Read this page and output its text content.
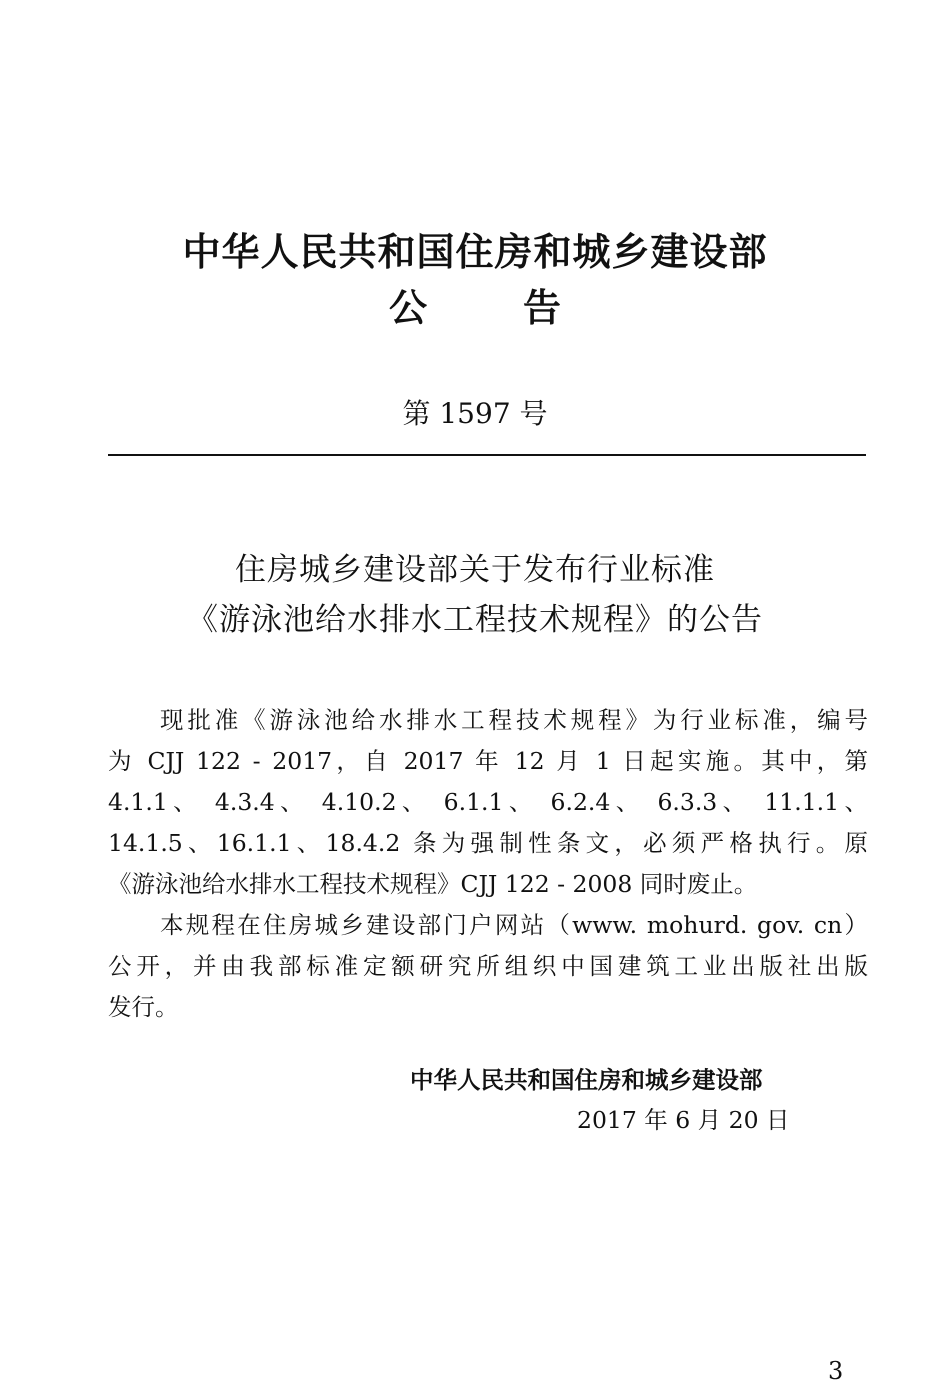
中华人民共和国住房和城乡建设部
公告
第 1597 号
住房城乡建设部关于发布行业标准
《游泳池给水排水工程技术规程》的公告
现批准《游泳池给水排水工程技术规程》为行业标准，编号
为 CJJ 122 - 2017，自 2017 年 12 月 1 日起实施。其中，第
4.1.1、 4.3.4、 4.10.2、 6.1.1、 6.2.4、 6.3.3、 11.1.1、
14.1.5、16.1.1、18.4.2 条为强制性条文，必须严格执行。原
《游泳池给水排水工程技术规程》CJJ 122 - 2008 同时废止。
本规程在住房城乡建设部门户网站（www. mohurd. gov. cn）
公开，并由我部标准定额研究所组织中国建筑工业出版社出版
发行。
中华人民共和国住房和城乡建设部
2017 年 6 月 20 日
3
